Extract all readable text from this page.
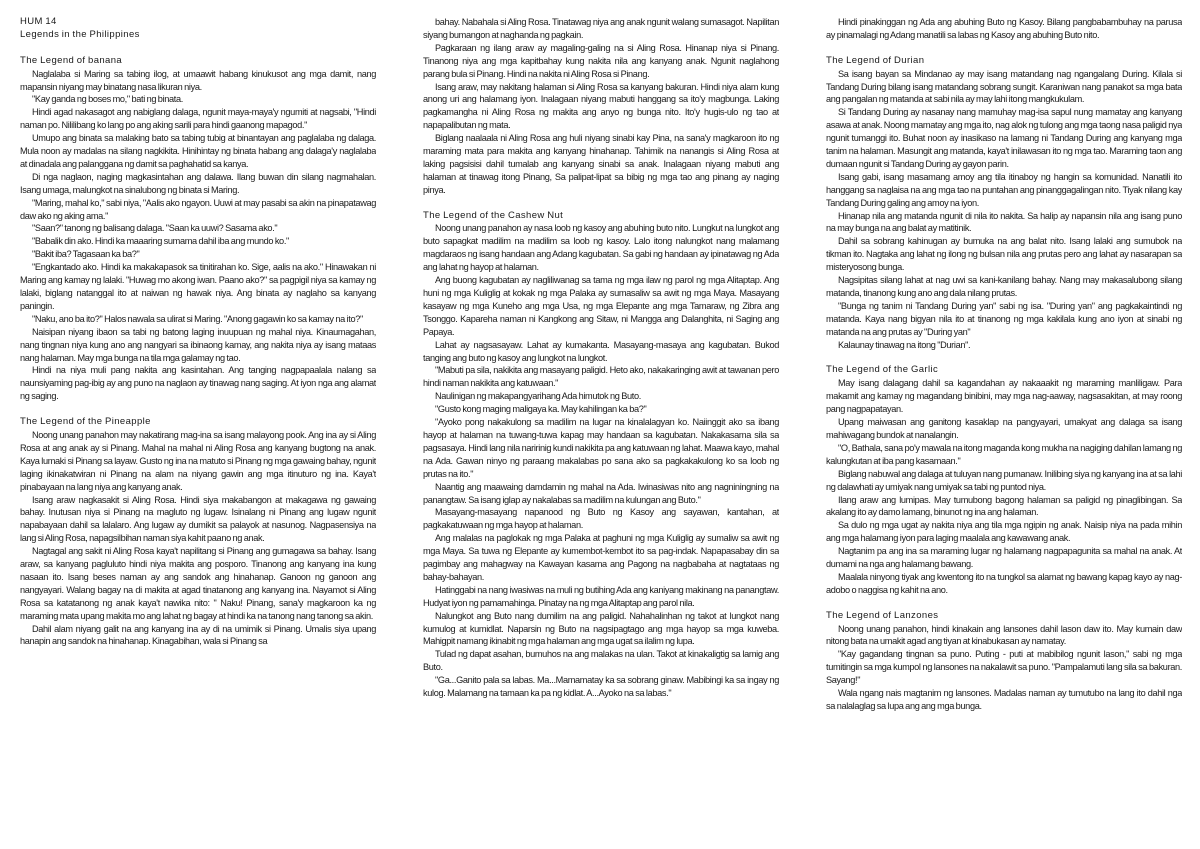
HUM 14
Legends in the Philippines
The Legend of banana

Naglalaba si Maring sa tabing ilog, at umaawit habang kinukusot ang mga damit, nang mapansin niyang may binatang nasa likuran niya.

"Kay ganda ng boses mo," bati ng binata.

Hindi agad nakasagot ang nabiglang dalaga, ngunit maya-maya'y ngumiti at nagsabi, "Hindi naman po. Nililibang ko lang po ang aking sarili para hindi gaanong mapagod."

Umupo ang binata sa malaking bato sa tabing tubig at binantayan ang paglalaba ng dalaga. Mula noon ay madalas na silang nagkikita. Hinihintay ng binata habang ang dalaga'y naglalaba at dinadala ang palanggana ng damit sa paghahatid sa kanya.

Di nga naglaon, naging magkasintahan ang dalawa. Ilang buwan din silang nagmahalan. Isang umaga, malungkot na sinalubong ng binata si Maring.

"Maring, mahal ko," sabi niya, "Aalis ako ngayon. Uuwi at may pasabi sa akin na pinapatawag daw ako ng aking ama."

"Saan?" tanong ng balisang dalaga. "Saan ka uuwi? Sasama ako."

"Babalik din ako. Hindi ka maaaring sumama dahil iba ang mundo ko."

"Bakit iba? Tagasaan ka ba?"

"Engkantado ako. Hindi ka makakapasok sa tinitirahan ko. Sige, aalis na ako." Hinawakan ni Maring ang kamay ng lalaki. "Huwag mo akong iwan. Paano ako?" sa pagpigil niya sa kamay ng lalaki, biglang natanggal ito at naiwan ng hawak niya. Ang binata ay naglaho sa kanyang paningin.

"Naku, ano ba ito?" Halos nawala sa ulirat si Maring. "Anong gagawin ko sa kamay na ito?"

Naisipan niyang ibaon sa tabi ng batong laging inuupuan ng mahal niya. Kinaumagahan, nang tingnan niya kung ano ang nangyari sa ibinaong kamay, ang nakita niya ay isang mataas nang halaman. May mga bunga na tila mga galamay ng tao.

Hindi na niya muli pang nakita ang kasintahan. Ang tanging nagpapaalala nalang sa naunsiyaming pag-ibig ay ang puno na naglaon ay tinawag nang saging. At iyon nga ang alamat ng saging.

The Legend of the Pineapple

Noong unang panahon may nakatirang mag-ina sa isang malayong pook. Ang ina ay si Aling Rosa at ang anak ay si Pinang. Mahal na mahal ni Aling Rosa ang kanyang bugtong na anak. Kaya lumaki si Pinang sa layaw. Gusto ng ina na matuto si Pinang ng mga gawaing bahay, ngunit laging ikinakatwiran ni Pinang na alam na niyang gawin ang mga itinuturo ng ina. Kaya't pinabayaan na lang niya ang kanyang anak.

Isang araw nagkasakit si Aling Rosa. Hindi siya makabangon at makagawa ng gawaing bahay. Inutusan niya si Pinang na magluto ng lugaw. Isinalang ni Pinang ang lugaw ngunit napabayaan dahil sa lalalaro. Ang lugaw ay dumikit sa palayok at nasunog. Nagpasensiya na lang si Aling Rosa, napagsilbihan naman siya kahit paano ng anak.

Nagtagal ang sakit ni Aling Rosa kaya't napilitang si Pinang ang gumagawa sa bahay. Isang araw, sa kanyang pagluluto hindi niya makita ang posporo. Tinanong ang kanyang ina kung nasaan ito. Isang beses naman ay ang sandok ang hinahanap. Ganoon ng ganoon ang nangyayari. Walang bagay na di makita at agad tinatanong ang kanyang ina. Nayamot si Aling Rosa sa katatanong ng anak kaya't nawika nito: " Naku! Pinang, sana'y magkaroon ka ng maraming mata upang makita mo ang lahat ng bagay at hindi ka na tanong nang tanong sa akin.

Dahil alam niyang galit na ang kanyang ina ay di na umimik si Pinang. Umalis siya upang hanapin ang sandok na hinahanap. Kinagabihan, wala si Pinang sa

bahay. Nabahala si Aling Rosa. Tinatawag niya ang anak ngunit walang sumasagot. Napilitan siyang bumangon at naghanda ng pagkain.

Pagkaraan ng ilang araw ay magaling-galing na si Aling Rosa. Hinanap niya si Pinang. Tinanong niya ang mga kapitbahay kung nakita nila ang kanyang anak. Ngunit naglahong parang bula si Pinang. Hindi na nakita ni Aling Rosa si Pinang.

Isang araw, may nakitang halaman si Aling Rosa sa kanyang bakuran. Hindi niya alam kung anong uri ang halamang iyon. Inalagaan niyang mabuti hanggang sa ito'y magbunga. Laking pagkamangha ni Aling Rosa ng makita ang anyo ng bunga nito. Ito'y hugis-ulo ng tao at napapalibutan ng mata.

Biglang naalaala ni Aling Rosa ang huli niyang sinabi kay Pina, na sana'y magkaroon ito ng maraming mata para makita ang kanyang hinahanap. Tahimik na nanangis si Aling Rosa at laking pagsisisi dahil tumalab ang kanyang sinabi sa anak. Inalagaan niyang mabuti ang halaman at tinawag itong Pinang, Sa palipat-lipat sa bibig ng mga tao ang pinang ay naging pinya.

The Legend of the Cashew Nut

Noong unang panahon ay nasa loob ng kasoy ang abuhing buto nito. Lungkut na lungkot ang buto sapagkat madilim na madilim sa loob ng kasoy. Lalo itong nalungkot nang malamang magdaraos ng isang handaan ang Adang kagubatan. Sa gabi ng handaan ay ipinatawag ng Ada ang lahat ng hayop at halaman.

Ang buong kagubatan ay nagliliwanag sa tama ng mga ilaw ng parol ng mga Alitaptap. Ang huni ng mga Kuliglig at kokak ng mga Palaka ay sumasaliw sa awit ng mga Maya. Masayang kasayaw ng mga Kuneho ang mga Usa, ng mga Elepante ang mga Tamaraw, ng Zibra ang Tsonggo. Kapareha naman ni Kangkong ang Sitaw, ni Mangga ang Dalanghita, ni Saging ang Papaya.

Lahat ay nagsasayaw. Lahat ay kumakanta. Masayang-masaya ang kagubatan. Bukod tanging ang buto ng kasoy ang lungkot na lungkot.

"Mabuti pa sila, nakikita ang masayang paligid. Heto ako, nakakaringing awit at tawanan pero hindi naman nakikita ang katuwaan."

Naulinigan ng makapangyarihang Ada himutok ng Buto.

"Gusto kong maging maligaya ka. May kahilingan ka ba?"

"Ayoko pong nakakulong sa madilim na lugar na kinalalagyan ko. Naiinggit ako sa ibang hayop at halaman na tuwang-tuwa kapag may handaan sa kagubatan. Nakakasama sila sa pagsasaya. Hindi lang nila naririnig kundi nakikita pa ang katuwaan ng lahat. Maawa kayo, mahal na Ada. Gawan ninyo ng paraang makalabas po sana ako sa pagkakakulong ko sa loob ng prutas na ito."

Naantig ang maawaing damdamin ng mahal na Ada. Iwinasiwas nito ang nagniningning na panangtaw. Sa isang iglap ay nakalabas sa madilim na kulungan ang Buto."

Masayang-masayang napanood ng Buto ng Kasoy ang sayawan, kantahan, at pagkakatuwaan ng mga hayop at halaman.

Ang malalas na paglokak ng mga Palaka at paghuni ng mga Kuliglig ay sumaliw sa awit ng mga Maya. Sa tuwa ng Elepante ay kumembot-kembot ito sa pag-indak. Napapasabay din sa pagimbay ang mahagway na Kawayan kasama ang Pagong na nagbabaha at nagtataas ng bahay-bahayan.

Hatinggabi na nang iwasiwas na muli ng butihing Ada ang kaniyang makinang na panangtaw. Hudyat iyon ng pamamahinga. Pinatay na ng mga Alitaptap ang parol nila.

Nalungkot ang Buto nang dumilim na ang paligid. Nahahalinhan ng takot at lungkot nang kumulog at kumidlat. Naparsin ng Buto na nagsipagtago ang mga hayop sa mga kuweba. Mahigpit namang ikinabit ng mga halaman ang mga ugat sa ilalim ng lupa.

Tulad ng dapat asahan, bumuhos na ang malakas na ulan. Takot at kinakaligtig sa lamig ang Buto.

"Ga...Ganito pala sa labas. Ma...Mamamatay ka sa sobrang ginaw. Mabibingi ka sa ingay ng kulog. Malamang na tamaan ka pa ng kidlat. A...Ayoko na sa labas."

Hindi pinakinggan ng Ada ang abuhing Buto ng Kasoy. Bilang pangbabambuhay na parusa ay pinamalagi ng Adang manatili sa labas ng Kasoy ang abuhing Buto nito.

The Legend of Durian

Sa isang bayan sa Mindanao ay may isang matandang nag ngangalang During. Kilala si Tandang During bilang isang matandang sobrang sungit. Karaniwan nang panakot sa mga bata ang pangalan ng matanda at sabi nila ay may lahi itong mangkukulam.

Si Tandang During ay nasanay nang mamuhay mag-isa sapul nung mamatay ang kanyang asawa at anak. Noong mamatay ang mga ito, nag alok ng tulong ang mga taong nasa paligid nya ngunit tumanggi ito. Buhat noon ay inasikaso na lamang ni Tandang During ang kanyang mga tanim na halaman. Masungit ang matanda, kaya't inilawasan ito ng mga tao. Maraming taon ang dumaan ngunit si Tandang During ay gayon parin.

Isang gabi, isang masamang amoy ang tila itinaboy ng hangin sa komunidad. Nanatili ito hanggang sa naglaisa na ang mga tao na puntahan ang pinanggagalingan nito. Tiyak nilang kay Tandang During galing ang amoy na iyon.

Hinanap nila ang matanda ngunit di nila ito nakita. Sa halip ay napansin nila ang isang puno na may bunga na ang balat ay matitinik.

Dahil sa sobrang kahinugan ay bumuka na ang balat nito. Isang lalaki ang sumubok na tikman ito. Nagtaka ang lahat ng ilong ng bulsan nila ang prutas pero ang lahat ay nasarapan sa misteryosong bunga.

Nagsipitas silang lahat at nag uwi sa kani-kanilang bahay. Nang may makasalubong silang matanda, tinanong kung ano ang dala nilang prutas.

"Bunga ng tanim ni Tandang During yan" sabi ng isa. "During yan" ang pagkakaintindi ng matanda. Kaya nang bigyan nila ito at tinanong ng mga kakilala kung ano iyon at sinabi ng matanda na ang prutas ay "During yan"

Kalaunay tinawag na itong "Durian".

The Legend of the Garlic

May isang dalagang dahil sa kagandahan ay nakaaakit ng maraming manliligaw. Para makamit ang kamay ng magandang binibini, may mga nag-aaway, nagsasakitan, at may roong pang nagpapatayan.

Upang maiwasan ang ganitong kasaklap na pangyayari, umakyat ang dalaga sa isang mahiwagang bundok at nanalangin.

"O, Bathala, sana po'y mawala na itong maganda kong mukha na nagiging dahilan lamang ng kalungkutan at iba pang kasamaan."

Biglang nabuwal ang dalaga at tuluyan nang pumanaw. Inilibing siya ng kanyang ina at sa lahi ng dalawhati ay umiyak nang umiyak sa tabi ng puntod niya.

Ilang araw ang lumipas. May tumubong bagong halaman sa paligid ng pinaglibingan. Sa akalang ito ay damo lamang, binunot ng ina ang halaman.

Sa dulo ng mga ugat ay nakita niya ang tila mga ngipin ng anak. Naisip niya na pada mihin ang mga halamang iyon para laging maalala ang kawawang anak.

Nagtanim pa ang ina sa maraming lugar ng halamang nagpapagunita sa mahal na anak. At dumami na nga ang halamang bawang.

Maalala ninyong tiyak ang kwentong ito na tungkol sa alamat ng bawang kapag kayo ay nag-adobo o naggisa ng kahit na ano.

The Legend of Lanzones

Noong unang panahon, hindi kinakain ang lansones dahil lason daw ito. May kumain daw nitong bata na umakit agad ang tiyan at kinabukasan ay namatay.

"Kay gagandang tingnan sa puno. Puting - puti at mabibilog ngunit lason," sabi ng mga tumitingin sa mga kumpol ng lansones na nakalawit sa puno. "Pampalamuti lang sila sa bakuran. Sayang!"

Wala ngang nais magtanim ng lansones. Madalas naman ay tumutubo na lang ito dahil nga sa nalalaglag sa lupa ang ang mga bunga.
